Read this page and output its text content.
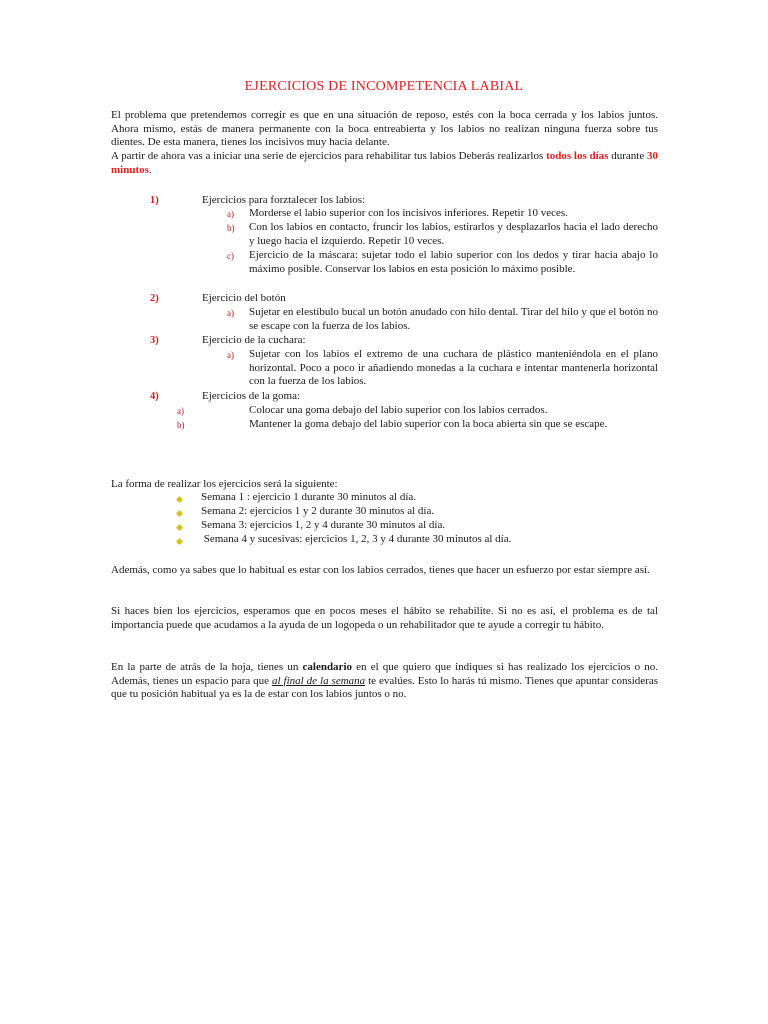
EJERCICIOS DE INCOMPETENCIA LABIAL
El problema que pretendemos corregir es que en una situación de reposo, estés con la boca cerrada y los labios juntos. Ahora mismo, estás de manera permanente con la boca entreabierta y los labios no realizan ninguna fuerza sobre tus dientes. De esta manera, tienes los incisivos muy hacia delante.
A partir de ahora vas a iniciar una serie de ejercicios para rehabilitar tus labios Deberás realizarlos todos los días durante 30 minutos.
1)	Ejercicios para forztalecer los labios:
a) Morderse el labio superior con los incisivos inferiores. Repetir 10 veces.
b) Con los labios en contacto, fruncir los labios, estirarlos y desplazarlos hacia el lado derecho y luego hacia el izquierdo. Repetir 10 veces.
c) Ejercicio de la máscara: sujetar todo el labio superior con los dedos y tirar hacia abajo lo máximo posible. Conservar los labios en esta posición lo máximo posible.
2)	Ejercicio del botón
a) Sujetar en elestíbulo bucal un botón anudado con hilo dental. Tirar del hilo y que el botón no se escape con la fuerza de los labios.
3)	Ejercicio de la cuchara:
a) Sujetar con los labios el extremo de una cuchara de plástico manteniéndola en el plano horizontal. Poco a poco ir añadiendo monedas a la cuchara e intentar mantenerla horizontal con la fuerza de los labios.
4)	Ejercicios de la goma:
a)	Colocar una goma debajo del labio superior con los labios cerrados.
b)	Mantener la goma debajo del labio superior con la boca abierta sin que se escape.
La forma de realizar los ejercicios será la siguiente:
Semana 1 : ejercicio 1 durante 30 minutos al día.
Semana 2: ejercicios 1 y 2 durante 30 minutos al día.
Semana 3: ejercicios 1, 2 y 4 durante 30 minutos al día.
Semana 4 y sucesivas: ejercicios 1, 2, 3 y 4 durante 30 minutos al día.
Además, como ya sabes que lo habitual es estar con los labios cerrados, tienes que hacer un esfuerzo por estar siempre así.
Si haces bien los ejercicios, esperamos que en pocos meses el hábito se rehabilite. Si no es así, el problema es de tal importancia puede que acudamos a la ayuda de un logopeda o un rehabilitador que te ayude a corregir tu hábito.
En la parte de atrás de la hoja, tienes un calendario en el que quiero que indiques si has realizado los ejercicios o no. Además, tienes un espacio para que al final de la semana te evalúes. Esto lo harás tú mismo. Tienes que apuntar consideras que tu posición habitual ya es la de estar con los labios juntos o no.
